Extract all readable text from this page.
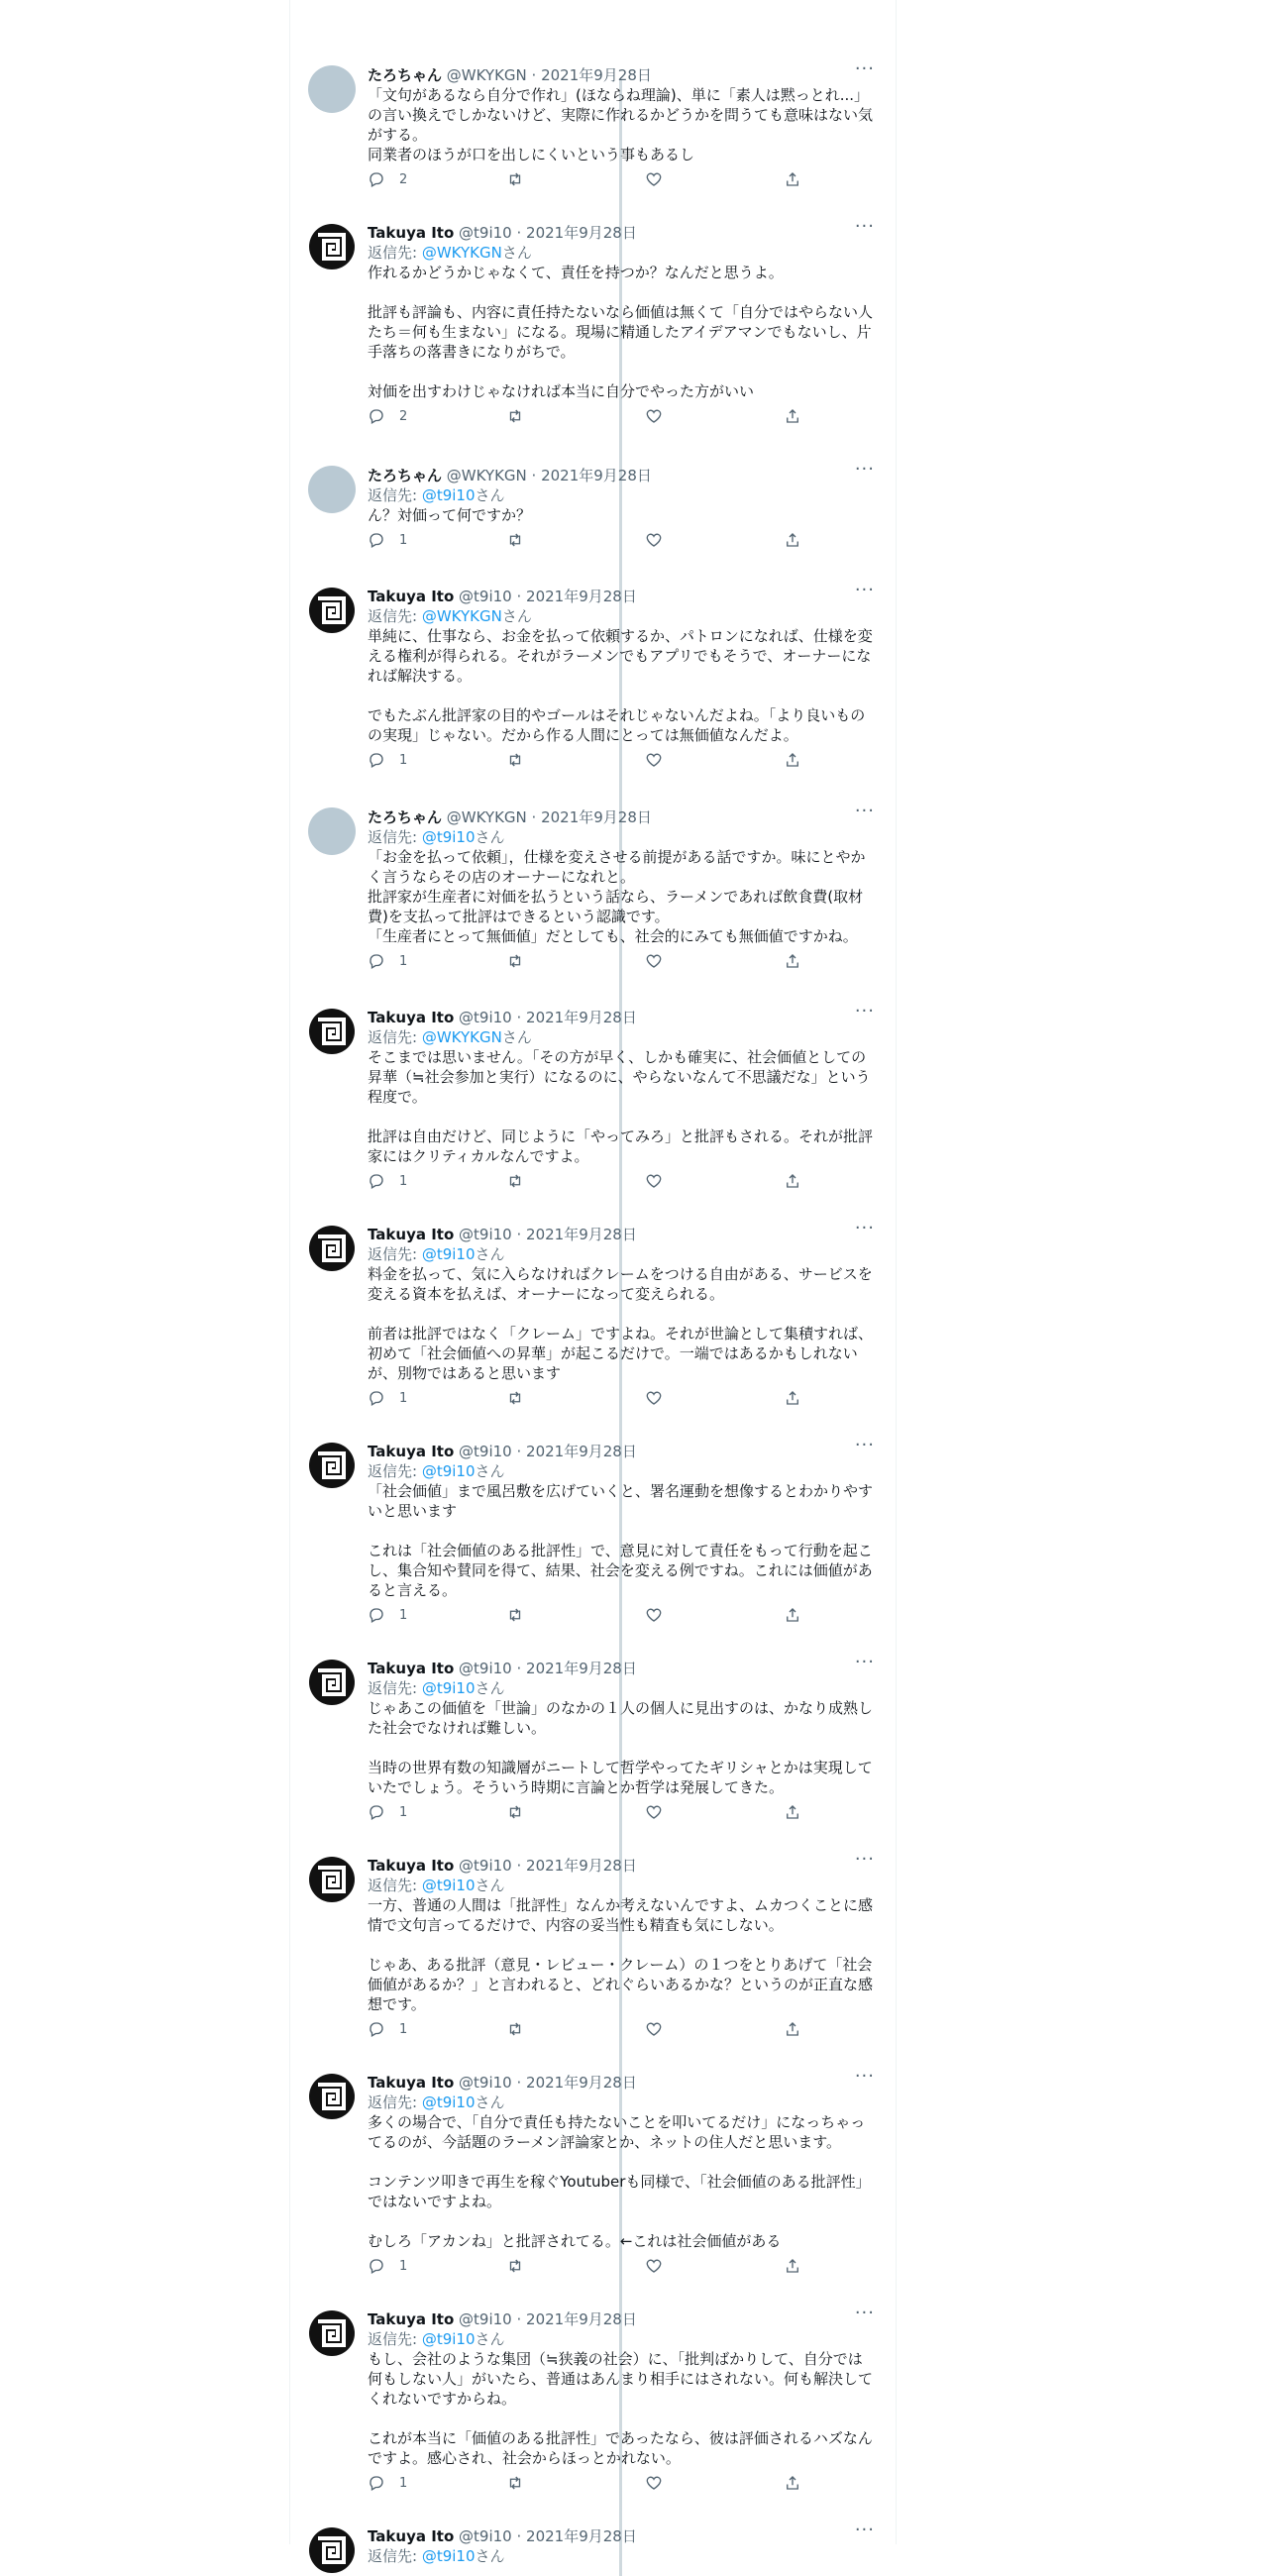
たろちゃん @WKYKGN · 2021年9月28日	···
「文句があるなら自分で作れ」(ほならね理論)、単に「素人は黙っとれ...」の言い換えでしかないけど、実際に作れるかどうかを問うても意味はない気がする。
同業者のほうが口を出しにくいという事もあるし
2
Takuya Ito @t9i10 · 2021年9月28日	···
返信先: @WKYKGNさん
作れるかどうかじゃなくて、責任を持つか？なんだと思うよ。

批評も評論も、内容に責任持たないなら価値は無くて「自分ではやらない人たち＝何も生まない」になる。現場に精通したアイデアマンでもないし、片手落ちの落書きになりがちで。

対価を出すわけじゃなければ本当に自分でやった方がいい
2
たろちゃん @WKYKGN · 2021年9月28日	···
返信先: @t9i10さん
ん？対価って何ですか？
1
Takuya Ito @t9i10 · 2021年9月28日	···
返信先: @WKYKGNさん
単純に、仕事なら、お金を払って依頼するか、パトロンになれば、仕様を変える権利が得られる。それがラーメンでもアプリでもそうで、オーナーになれば解決する。

でもたぶん批評家の目的やゴールはそれじゃないんだよね。「より良いものの実現」じゃない。だから作る人間にとっては無価値なんだよ。
1
たろちゃん @WKYKGN · 2021年9月28日	···
返信先: @t9i10さん
「お金を払って依頼」，仕様を変えさせる前提がある話ですか。味にとやかく言うならその店のオーナーになれと。
批評家が生産者に対価を払うという話なら、ラーメンであれば飲食費(取材費)を支払って批評はできるという認識です。
「生産者にとって無価値」だとしても、社会的にみても無価値ですかね。
1
Takuya Ito @t9i10 · 2021年9月28日	···
返信先: @WKYKGNさん
そこまでは思いません。「その方が早く、しかも確実に、社会価値としての昇華（≒社会参加と実行）になるのに、やらないなんて不思議だな」という程度で。

批評は自由だけど、同じように「やってみろ」と批評もされる。それが批評家にはクリティカルなんですよ。
1
Takuya Ito @t9i10 · 2021年9月28日	···
返信先: @t9i10さん
料金を払って、気に入らなければクレームをつける自由がある、サービスを変える資本を払えば、オーナーになって変えられる。

前者は批評ではなく「クレーム」ですよね。それが世論として集積すれば、初めて「社会価値への昇華」が起こるだけで。一端ではあるかもしれないが、別物ではあると思います
1
Takuya Ito @t9i10 · 2021年9月28日	···
返信先: @t9i10さん
「社会価値」まで風呂敷を広げていくと、署名運動を想像するとわかりやすいと思います

これは「社会価値のある批評性」で、意見に対して責任をもって行動を起こし、集合知や賛同を得て、結果、社会を変える例ですね。これには価値があると言える。
1
Takuya Ito @t9i10 · 2021年9月28日	···
返信先: @t9i10さん
じゃあこの価値を「世論」のなかの１人の個人に見出すのは、かなり成熟した社会でなければ難しい。

当時の世界有数の知識層がニートして哲学やってたギリシャとかは実現していたでしょう。そういう時期に言論とか哲学は発展してきた。
1
Takuya Ito @t9i10 · 2021年9月28日	···
返信先: @t9i10さん
一方、普通の人間は「批評性」なんか考えないんですよ、ムカつくことに感情で文句言ってるだけで、内容の妥当性も精査も気にしない。

じゃあ、ある批評（意見・レビュー・クレーム）の１つをとりあげて「社会価値があるか？」と言われると、どれぐらいあるかな？というのが正直な感想です。
1
Takuya Ito @t9i10 · 2021年9月28日	···
返信先: @t9i10さん
多くの場合で、「自分で責任も持たないことを叩いてるだけ」になっちゃってるのが、今話題のラーメン評論家とか、ネットの住人だと思います。

コンテンツ叩きで再生を稼ぐYoutuberも同様で、「社会価値のある批評性」ではないですよね。

むしろ「アカンね」と批評されてる。←これは社会価値がある
1
Takuya Ito @t9i10 · 2021年9月28日	···
返信先: @t9i10さん
もし、会社のような集団（≒狭義の社会）に、「批判ばかりして、自分では何もしない人」がいたら、普通はあんまり相手にはされない。何も解決してくれないですからね。

これが本当に「価値のある批評性」であったなら、彼は評価されるハズなんですよ。感心され、社会からほっとかれない。
1
Takuya Ito @t9i10 · 2021年9月28日	···
返信先: @t9i10さん
